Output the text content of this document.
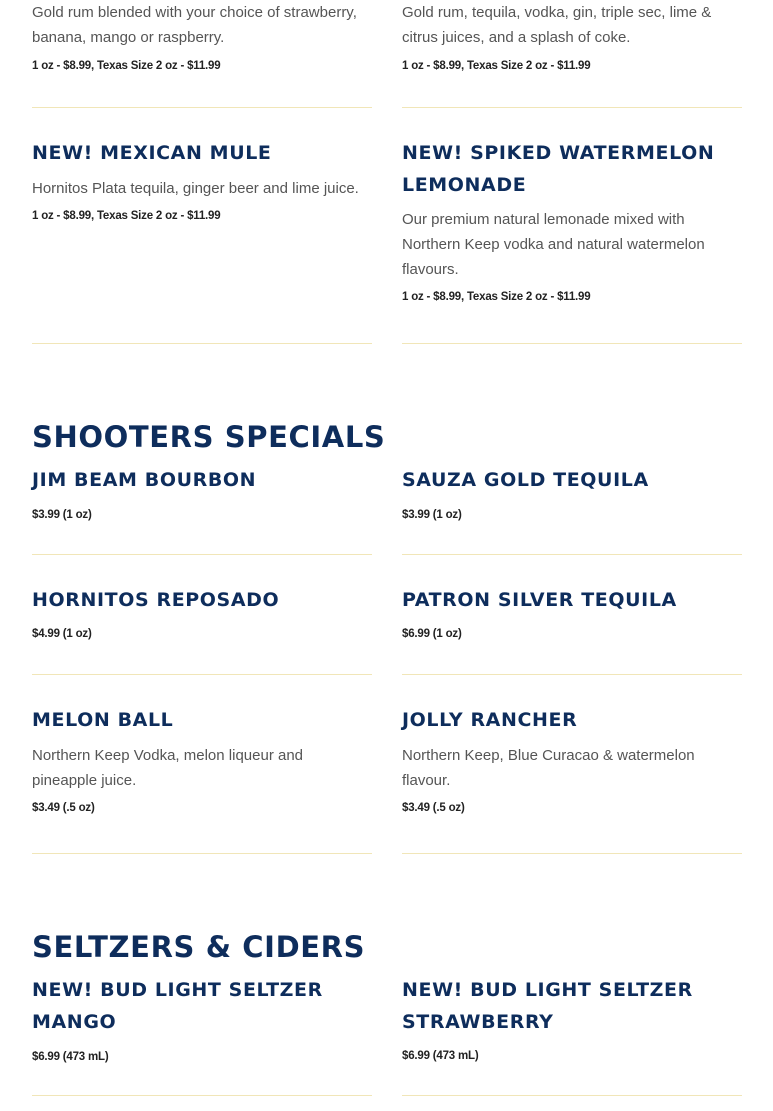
Gold rum blended with your choice of strawberry, banana, mango or raspberry.

1 oz - $8.99, Texas Size 2 oz - $11.99

Gold rum, tequila, vodka, gin, triple sec, lime & citrus juices, and a splash of coke.

1 oz - $8.99, Texas Size 2 oz - $11.99

NEW! MEXICAN MULE

Hornitos Plata tequila, ginger beer and lime juice.

1 oz - $8.99, Texas Size 2 oz - $11.99

NEW! SPIKED WATERMELON LEMONADE

Our premium natural lemonade mixed with Northern Keep vodka and natural watermelon flavours.

1 oz - $8.99, Texas Size 2 oz - $11.99

SHOOTERS SPECIALS
JIM BEAM BOURBON

$3.99 (1 oz)

SAUZA GOLD TEQUILA

$3.99 (1 oz)

HORNITOS REPOSADO

$4.99 (1 oz)

PATRON SILVER TEQUILA

$6.99 (1 oz)

MELON BALL

Northern Keep Vodka, melon liqueur and pineapple juice.

$3.49 (.5 oz)

JOLLY RANCHER

Northern Keep, Blue Curacao & watermelon flavour.

$3.49 (.5 oz)

SELTZERS & CIDERS
NEW! BUD LIGHT SELTZER MANGO

$6.99 (473 mL)

NEW! BUD LIGHT SELTZER STRAWBERRY

$6.99 (473 mL)
